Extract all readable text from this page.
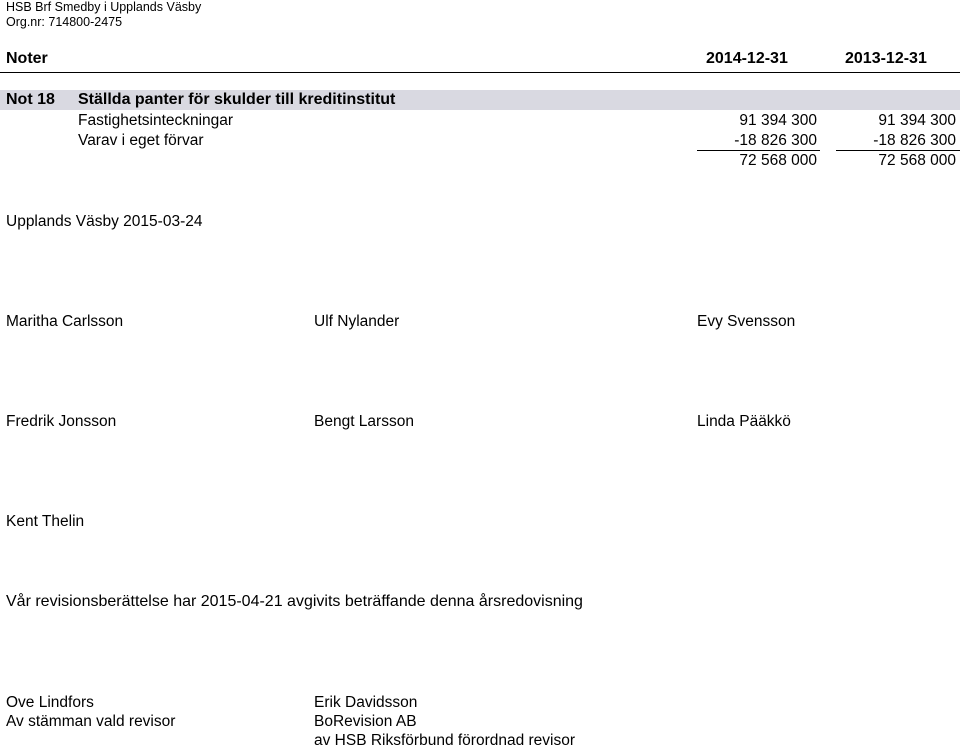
HSB Brf Smedby i Upplands Väsby
Org.nr: 714800-2475
Noter	2014-12-31	2013-12-31
Not 18 Ställda panter för skulder till kreditinstitut
Fastighetsinteckningar	91 394 300	91 394 300
Varav i eget förvar	-18 826 300	-18 826 300
72 568 000	72 568 000
Upplands Väsby 2015-03-24
Maritha Carlsson	Ulf Nylander	Evy Svensson
Fredrik Jonsson	Bengt Larsson	Linda Pääkkö
Kent Thelin
Vår revisionsberättelse har 2015-04-21 avgivits beträffande denna årsredovisning
Ove Lindfors
Av stämman vald revisor
Erik Davidsson
BoRevision AB
av HSB Riksförbund förordnad revisor
